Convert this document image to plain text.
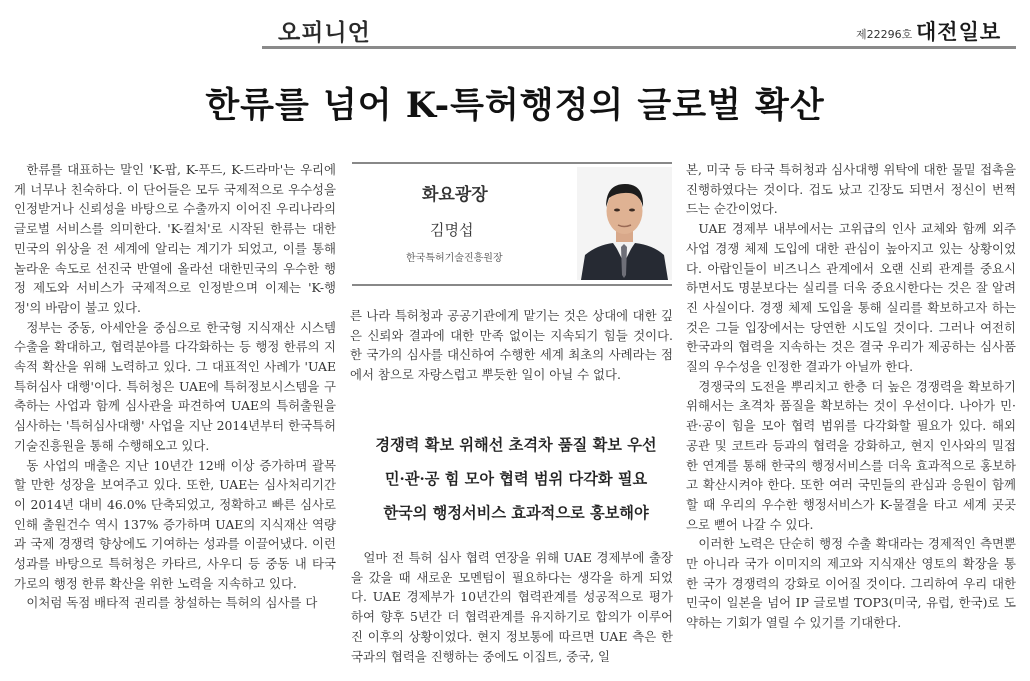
오피니언	제22296호 대전일보
한류를 넘어 K-특허행정의 글로벌 확산

한류를 대표하는 말인 'K-팝, K-푸드, K-드라마'는 우리에게 너무나 친숙하다. 이 단어들은 모두 국제적으로 우수성을 인정받거나 신뢰성을 바탕으로 수출까지 이어진 우리나라의 글로벌 서비스를 의미한다. 'K-컬처'로 시작된 한류는 대한민국의 위상을 전 세계에 알리는 계기가 되었고, 이를 통해 놀라운 속도로 선진국 반열에 올라선 대한민국의 우수한 행정 제도와 서비스가 국제적으로 인정받으며 이제는 'K-행정'의 바람이 불고 있다.

정부는 중동, 아세안을 중심으로 한국형 지식재산 시스템 수출을 확대하고, 협력분야를 다각화하는 등 행정 한류의 지속적 확산을 위해 노력하고 있다. 그 대표적인 사례가 'UAE 특허심사 대행'이다. 특허청은 UAE에 특허정보시스템을 구축하는 사업과 함께 심사관을 파견하여 UAE의 특허출원을 심사하는 '특허심사대행' 사업을 지난 2014년부터 한국특허기술진흥원을 통해 수행해오고 있다.

동 사업의 매출은 지난 10년간 12배 이상 증가하며 괄목할 만한 성장을 보여주고 있다. 또한, UAE는 심사처리기간이 2014년 대비 46.0% 단축되었고, 정확하고 빠른 심사로 인해 출원건수 역시 137% 증가하며 UAE의 지식재산 역량과 국제 경쟁력 향상에도 기여하는 성과를 이끌어냈다. 이런 성과를 바탕으로 특허청은 카타르, 사우디 등 중동 내 타국가로의 행정 한류 확산을 위한 노력을 지속하고 있다.

이처럼 독점 배타적 권리를 창설하는 특허의 심사를 다

화요광장
김명섭
한국특허기술진흥원장

른 나라 특허청과 공공기관에게 맡기는 것은 상대에 대한 깊은 신뢰와 결과에 대한 만족 없이는 지속되기 힘들 것이다. 한 국가의 심사를 대신하여 수행한 세계 최초의 사례라는 점에서 참으로 자랑스럽고 뿌듯한 일이 아닐 수 없다.

경쟁력 확보 위해선 초격차 품질 확보 우선
민·관·공 힘 모아 협력 범위 다각화 필요
한국의 행정서비스 효과적으로 홍보해야

얼마 전 특허 심사 협력 연장을 위해 UAE 경제부에 출장을 갔을 때 새로운 모멘텀이 필요하다는 생각을 하게 되었다. UAE 경제부가 10년간의 협력관계를 성공적으로 평가하여 향후 5년간 더 협력관계를 유지하기로 합의가 이루어진 이후의 상황이었다. 현지 정보통에 따르면 UAE 측은 한국과의 협력을 진행하는 중에도 이집트, 중국, 일

본, 미국 등 타국 특허청과 심사대행 위탁에 대한 물밑 접촉을 진행하였다는 것이다. 겁도 났고 긴장도 되면서 정신이 번쩍 드는 순간이었다.

UAE 경제부 내부에서는 고위급의 인사 교체와 함께 외주사업 경쟁 체제 도입에 대한 관심이 높아지고 있는 상황이었다. 아랍인들이 비즈니스 관계에서 오랜 신뢰 관계를 중요시하면서도 명분보다는 실리를 더욱 중요시한다는 것은 잘 알려진 사실이다. 경쟁 체제 도입을 통해 실리를 확보하고자 하는 것은 그들 입장에서는 당연한 시도일 것이다. 그러나 여전히 한국과의 협력을 지속하는 것은 결국 우리가 제공하는 심사품질의 우수성을 인정한 결과가 아닐까 한다.

경쟁국의 도전을 뿌리치고 한층 더 높은 경쟁력을 확보하기 위해서는 초격차 품질을 확보하는 것이 우선이다. 나아가 민·관·공이 힘을 모아 협력 범위를 다각화할 필요가 있다. 해외 공관 및 코트라 등과의 협력을 강화하고, 현지 인사와의 밀접한 연계를 통해 한국의 행정서비스를 더욱 효과적으로 홍보하고 확산시켜야 한다. 또한 여러 국민들의 관심과 응원이 함께 할 때 우리의 우수한 행정서비스가 K-물결을 타고 세계 곳곳으로 뻗어 나갈 수 있다.

이러한 노력은 단순히 행정 수출 확대라는 경제적인 측면뿐만 아니라 국가 이미지의 제고와 지식재산 영토의 확장을 통한 국가 경쟁력의 강화로 이어질 것이다. 그리하여 우리 대한민국이 일본을 넘어 IP 글로벌 TOP3(미국, 유럽, 한국)로 도약하는 기회가 열릴 수 있기를 기대한다.
